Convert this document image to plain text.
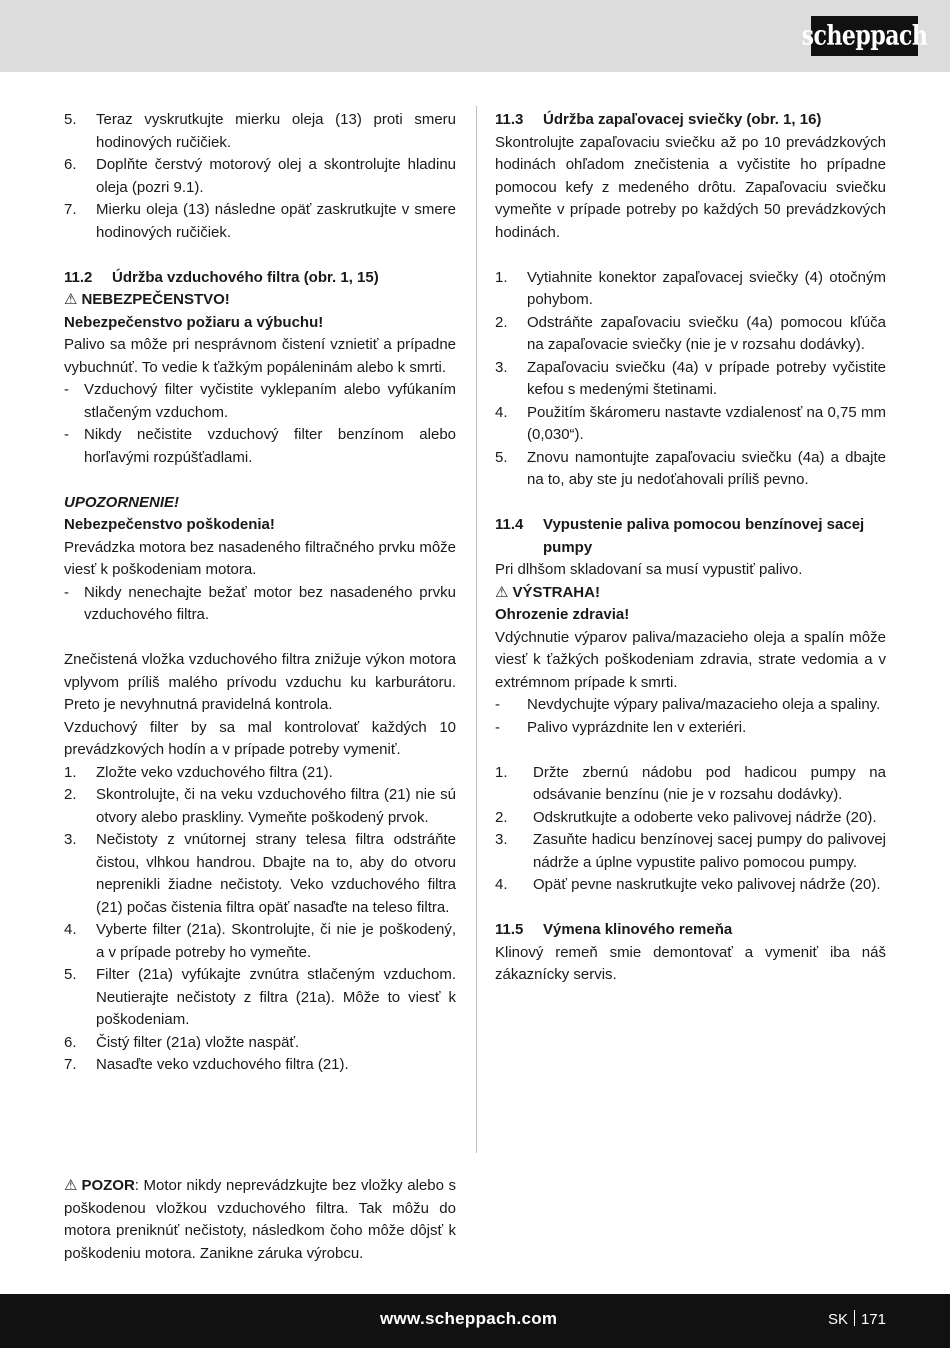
scheppach
5.	Teraz vyskrutkujte mierku oleja (13) proti smeru hodinových ručičiek.
6.	Doplňte čerstvý motorový olej a skontrolujte hladinu oleja (pozri 9.1).
7.	Mierku oleja (13) následne opäť zaskrutkujte v smere hodinových ručičiek.
11.2	Údržba vzduchového filtra (obr. 1, 15)

⚠ NEBEZPEČENSTVO!

Nebezpečenstvo požiaru a výbuchu!

Palivo sa môže pri nesprávnom čistení vznietiť a prípadne vybuchnúť. To vedie k ťažkým popáleninám alebo k smrti.

-	Vzduchový filter vyčistite vyklepaním alebo vyfúkaním stlačeným vzduchom.
-	Nikdy nečistite vzduchový filter benzínom alebo horľavými rozpúšťadlami.

UPOZORNENIE!

Nebezpečenstvo poškodenia!

Prevádzka motora bez nasadeného filtračného prvku môže viesť k poškodeniam motora.

-	Nikdy nenechajte bežať motor bez nasadeného prvku vzduchového filtra.

Znečistená vložka vzduchového filtra znižuje výkon motora vplyvom príliš malého prívodu vzduchu ku karburátoru. Preto je nevyhnutná pravidelná kontrola.

Vzduchový filter by sa mal kontrolovať každých 10 prevádzkových hodín a v prípade potreby vymeniť.

1.	Zložte veko vzduchového filtra (21).
2.	Skontrolujte, či na veku vzduchového filtra (21) nie sú otvory alebo praskliny. Vymeňte poškodený prvok.
3.	Nečistoty z vnútornej strany telesa filtra odstráňte čistou, vlhkou handrou. Dbajte na to, aby do otvoru neprenikli žiadne nečistoty. Veko vzduchového filtra (21) počas čistenia filtra opäť nasaďte na teleso filtra.
4.	Vyberte filter (21a). Skontrolujte, či nie je poškodený, a v prípade potreby ho vymeňte.
5.	Filter (21a) vyfúkajte zvnútra stlačeným vzduchom. Neutierajte nečistoty z filtra (21a). Môže to viesť k poškodeniam.
6.	Čistý filter (21a) vložte naspäť.
7.	Nasaďte veko vzduchového filtra (21).

⚠ POZOR: Motor nikdy neprevádzkujte bez vložky alebo s poškodenou vložkou vzduchového filtra. Tak môžu do motora preniknúť nečistoty, následkom čoho môže dôjsť k poškodeniu motora. Zanikne záruka výrobcu.

11.3	Údržba zapaľovacej sviečky (obr. 1, 16)

Skontrolujte zapaľovaciu sviečku až po 10 prevádzkových hodinách ohľadom znečistenia a vyčistite ho prípadne pomocou kefy z medeného drôtu. Zapaľovaciu sviečku vymeňte v prípade potreby po každých 50 prevádzkových hodinách.

1.	Vytiahnite konektor zapaľovacej sviečky (4) otočným pohybom.
2.	Odstráňte zapaľovaciu sviečku (4a) pomocou kľúča na zapaľovacie sviečky (nie je v rozsahu dodávky).
3.	Zapaľovaciu sviečku (4a) v prípade potreby vyčistite kefou s medenými štetinami.
4.	Použitím škáromeru nastavte vzdialenosť na 0,75 mm (0,030“).
5.	Znovu namontujte zapaľovaciu sviečku (4a) a dbajte na to, aby ste ju nedoťahovali príliš pevno.
11.4	Vypustenie paliva pomocou benzínovej sacej pumpy

Pri dlhšom skladovaní sa musí vypustiť palivo.

⚠ VÝSTRAHA!

Ohrozenie zdravia!

Vdýchnutie výparov paliva/mazacieho oleja a spalín môže viesť k ťažkých poškodeniam zdravia, strate vedomia a v extrémnom prípade k smrti.

-	Nevdychujte výpary paliva/mazacieho oleja a spaliny.
-	Palivo vyprázdnite len v exteriéri.
1.	Držte zbernú nádobu pod hadicou pumpy na odsávanie benzínu (nie je v rozsahu dodávky).
2.	Odskrutkujte a odoberte veko palivovej nádrže (20).
3.	Zasuňte hadicu benzínovej sacej pumpy do palivovej nádrže a úplne vypustite palivo pomocou pumpy.
4.	Opäť pevne naskrutkujte veko palivovej nádrže (20).
11.5	Výmena klinového remeňa

Klinový remeň smie demontovať a vymeniť iba náš zákaznícky servis.

www.scheppach.com	SK 171
